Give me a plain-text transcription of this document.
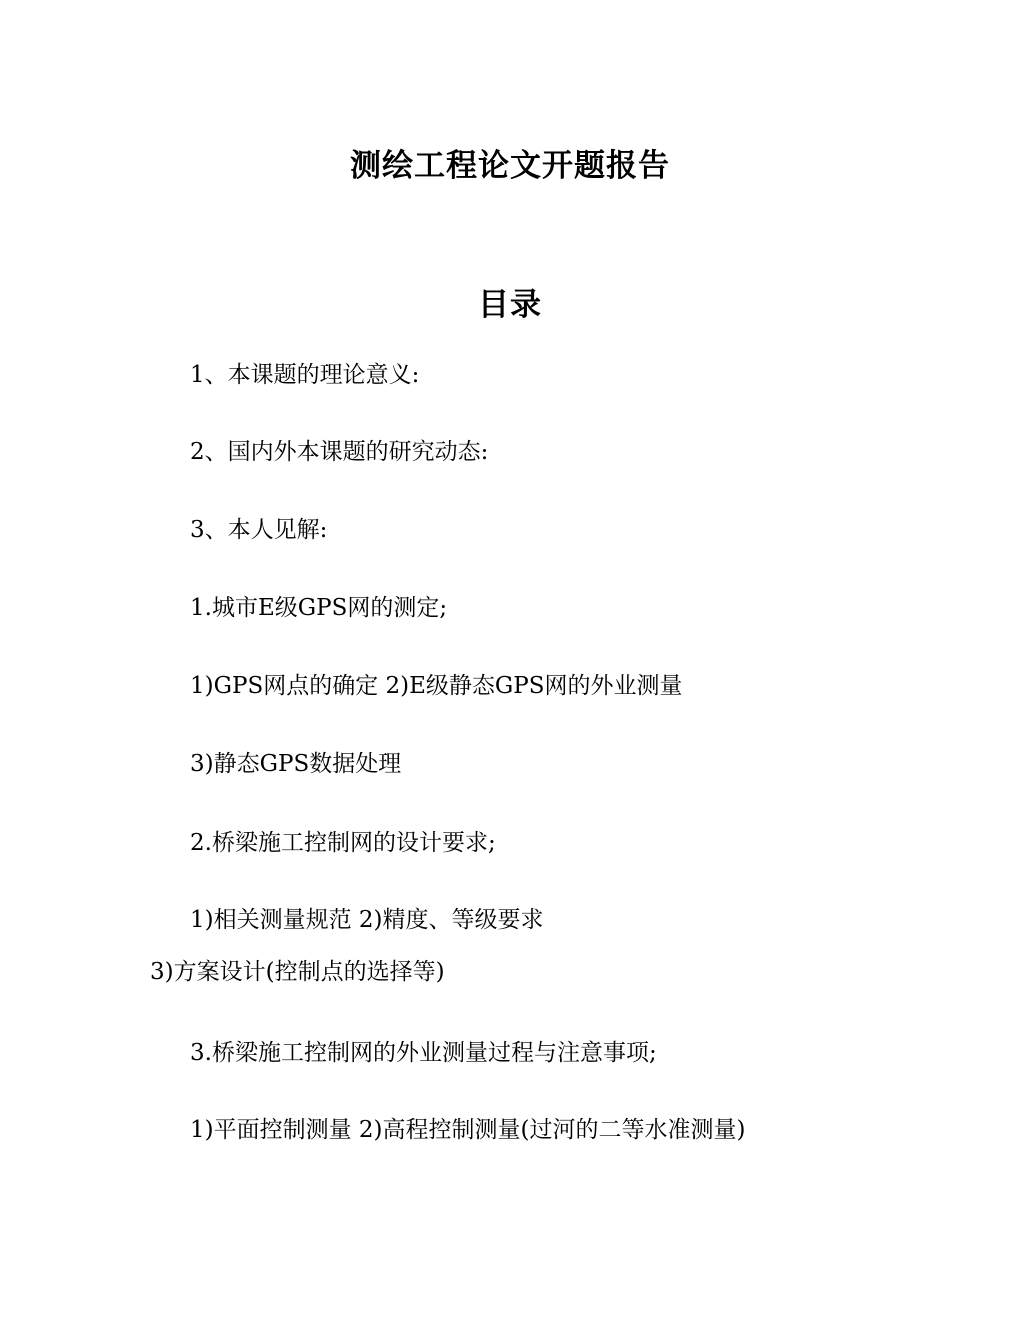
测绘工程论文开题报告
目录
1、本课题的理论意义:
2、国内外本课题的研究动态:
3、本人见解:
1.城市E级GPS网的测定;
1)GPS网点的确定 2)E级静态GPS网的外业测量
3)静态GPS数据处理
2.桥梁施工控制网的设计要求;
1)相关测量规范 2)精度、等级要求
3)方案设计(控制点的选择等)
3.桥梁施工控制网的外业测量过程与注意事项;
1)平面控制测量 2)高程控制测量(过河的二等水准测量)
